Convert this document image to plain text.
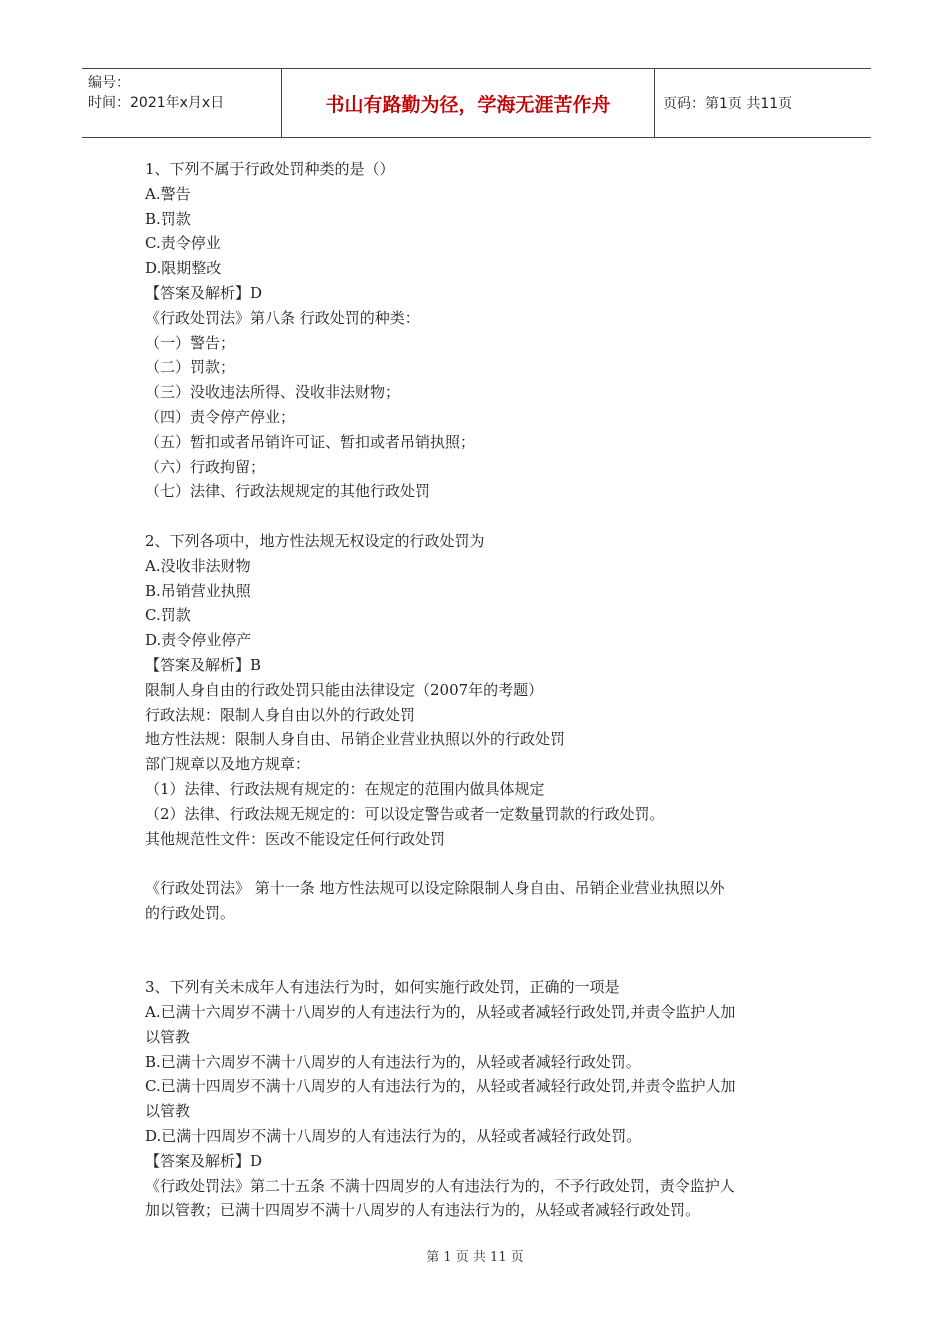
编号：
时间：2021年x月x日	书山有路勤为径，学海无涯苦作舟	页码：第1页 共11页

1、下列不属于行政处罚种类的是（）

A.警告

B.罚款

C.责令停业

D.限期整改

【答案及解析】D

《行政处罚法》第八条 行政处罚的种类：

（一）警告；

（二）罚款；

（三）没收违法所得、没收非法财物；

（四）责令停产停业；

（五）暂扣或者吊销许可证、暂扣或者吊销执照；

（六）行政拘留；

（七）法律、行政法规规定的其他行政处罚

2、下列各项中，地方性法规无权设定的行政处罚为

A.没收非法财物

B.吊销营业执照

C.罚款

D.责令停业停产

【答案及解析】B

限制人身自由的行政处罚只能由法律设定（2007年的考题）

行政法规：限制人身自由以外的行政处罚

地方性法规：限制人身自由、吊销企业营业执照以外的行政处罚

部门规章以及地方规章：

（1）法律、行政法规有规定的：在规定的范围内做具体规定

（2）法律、行政法规无规定的：可以设定警告或者一定数量罚款的行政处罚。

其他规范性文件：医改不能设定任何行政处罚

《行政处罚法》 第十一条 地方性法规可以设定除限制人身自由、吊销企业营业执照以外

的行政处罚。

3、下列有关未成年人有违法行为时，如何实施行政处罚，正确的一项是

A.已满十六周岁不满十八周岁的人有违法行为的，从轻或者减轻行政处罚,并责令监护人加

以管教

B.已满十六周岁不满十八周岁的人有违法行为的，从轻或者减轻行政处罚。

C.已满十四周岁不满十八周岁的人有违法行为的，从轻或者减轻行政处罚,并责令监护人加

以管教

D.已满十四周岁不满十八周岁的人有违法行为的，从轻或者减轻行政处罚。

【答案及解析】D

《行政处罚法》第二十五条 不满十四周岁的人有违法行为的，不予行政处罚，责令监护人

加以管教；已满十四周岁不满十八周岁的人有违法行为的，从轻或者减轻行政处罚。

第 1 页 共 11 页
